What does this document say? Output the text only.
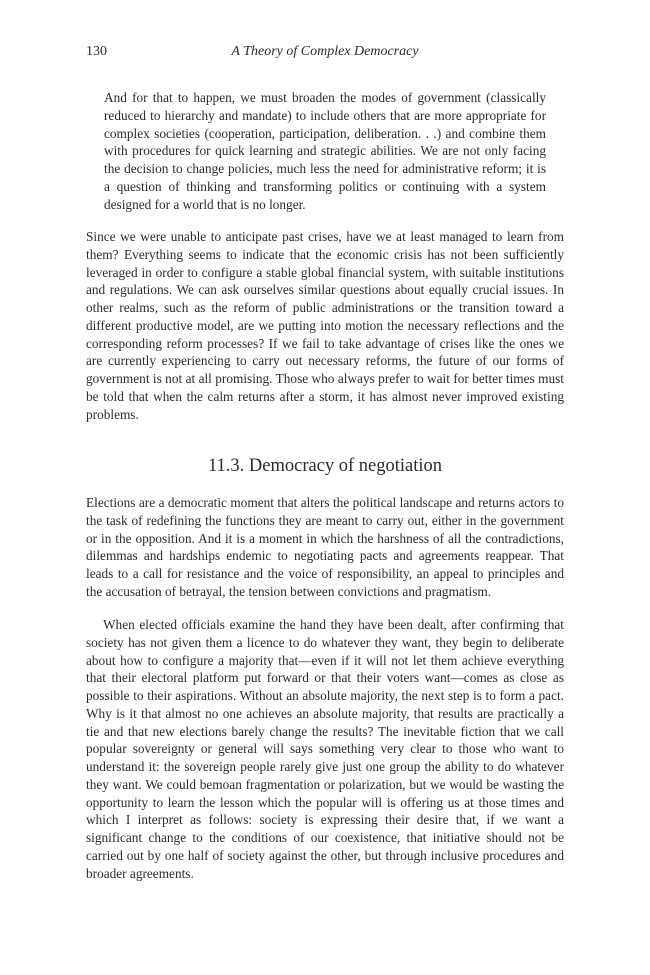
130	A Theory of Complex Democracy

And for that to happen, we must broaden the modes of government (classically reduced to hierarchy and mandate) to include others that are more appropriate for complex societies (cooperation, participation, deliberation. . .) and combine them with procedures for quick learning and strategic abilities. We are not only facing the decision to change policies, much less the need for administrative reform; it is a question of thinking and transforming politics or continuing with a system designed for a world that is no longer.

Since we were unable to anticipate past crises, have we at least managed to learn from them? Everything seems to indicate that the economic crisis has not been sufficiently leveraged in order to configure a stable global financial system, with suitable institutions and regulations. We can ask ourselves similar questions about equally crucial issues. In other realms, such as the reform of public administrations or the transition toward a different productive model, are we putting into motion the necessary reflections and the corresponding reform processes? If we fail to take advantage of crises like the ones we are currently experiencing to carry out necessary reforms, the future of our forms of government is not at all promising. Those who always prefer to wait for better times must be told that when the calm returns after a storm, it has almost never improved existing problems.

11.3. Democracy of negotiation

Elections are a democratic moment that alters the political landscape and returns actors to the task of redefining the functions they are meant to carry out, either in the government or in the opposition. And it is a moment in which the harshness of all the contradictions, dilemmas and hardships endemic to negotiating pacts and agreements reappear. That leads to a call for resistance and the voice of responsibility, an appeal to principles and the accusation of betrayal, the tension between convictions and pragmatism.

When elected officials examine the hand they have been dealt, after confirming that society has not given them a licence to do whatever they want, they begin to deliberate about how to configure a majority that—even if it will not let them achieve everything that their electoral platform put forward or that their voters want—comes as close as possible to their aspirations. Without an absolute majority, the next step is to form a pact. Why is it that almost no one achieves an absolute majority, that results are practically a tie and that new elections barely change the results? The inevitable fiction that we call popular sovereignty or general will says something very clear to those who want to understand it: the sovereign people rarely give just one group the ability to do whatever they want. We could bemoan fragmentation or polarization, but we would be wasting the opportunity to learn the lesson which the popular will is offering us at those times and which I interpret as follows: society is expressing their desire that, if we want a significant change to the conditions of our coexistence, that initiative should not be carried out by one half of society against the other, but through inclusive procedures and broader agreements.
